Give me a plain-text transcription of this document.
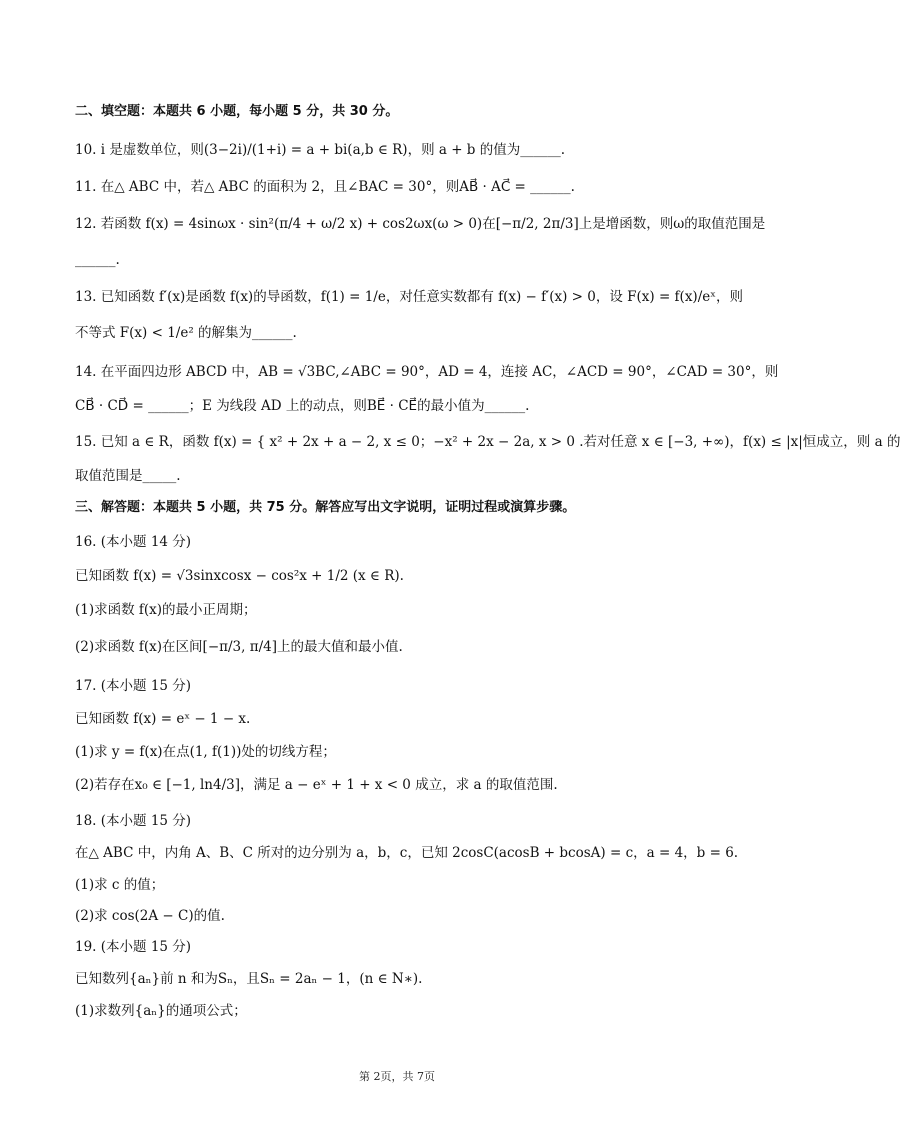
二、填空题：本题共 6 小题，每小题 5 分，共 30 分。
10. i 是虚数单位，则(3−2i)/(1+i) = a + bi(a,b ∈ R)，则 a + b 的值为______.
11. 在△ ABC 中，若△ ABC 的面积为 2，且∠BAC = 30°，则AB⃗ · AC⃗ = ______.
12. 若函数 f(x) = 4sinωx · sin²(π/4 + ω/2 x) + cos2ωx(ω > 0)在[−π/2, 2π/3]上是增函数，则ω的取值范围是
______.
13. 已知函数 f′(x)是函数 f(x)的导函数，f(1) = 1/e，对任意实数都有 f(x) − f′(x) > 0，设 F(x) = f(x)/eˣ，则
不等式 F(x) < 1/e² 的解集为______.
14. 在平面四边形 ABCD 中，AB = √3BC,∠ABC = 90°，AD = 4，连接 AC，∠ACD = 90°，∠CAD = 30°，则
CB⃗ · CD⃗ = ______；E 为线段 AD 上的动点，则BE⃗ · CE⃗的最小值为______.
15. 已知 a ∈ R，函数 f(x) = { x² + 2x + a − 2, x ≤ 0；−x² + 2x − 2a, x > 0 .若对任意 x ∈ [−3, +∞)，f(x) ≤ |x|恒成立，则 a 的
取值范围是_____.
三、解答题：本题共 5 小题，共 75 分。解答应写出文字说明，证明过程或演算步骤。
16. (本小题 14 分)
已知函数 f(x) = √3sinxcosx − cos²x + 1/2 (x ∈ R).
(1)求函数 f(x)的最小正周期；
(2)求函数 f(x)在区间[−π/3, π/4]上的最大值和最小值.
17. (本小题 15 分)
已知函数 f(x) = eˣ − 1 − x.
(1)求 y = f(x)在点(1, f(1))处的切线方程；
(2)若存在x₀ ∈ [−1, ln4/3]，满足 a − eˣ + 1 + x < 0 成立，求 a 的取值范围.
18. (本小题 15 分)
在△ ABC 中，内角 A、B、C 所对的边分别为 a，b，c，已知 2cosC(acosB + bcosA) = c，a = 4，b = 6.
(1)求 c 的值；
(2)求 cos(2A − C)的值.
19. (本小题 15 分)
已知数列{aₙ}前 n 和为Sₙ，且Sₙ = 2aₙ − 1，(n ∈ N∗).
(1)求数列{aₙ}的通项公式；
第 2页，共 7页
